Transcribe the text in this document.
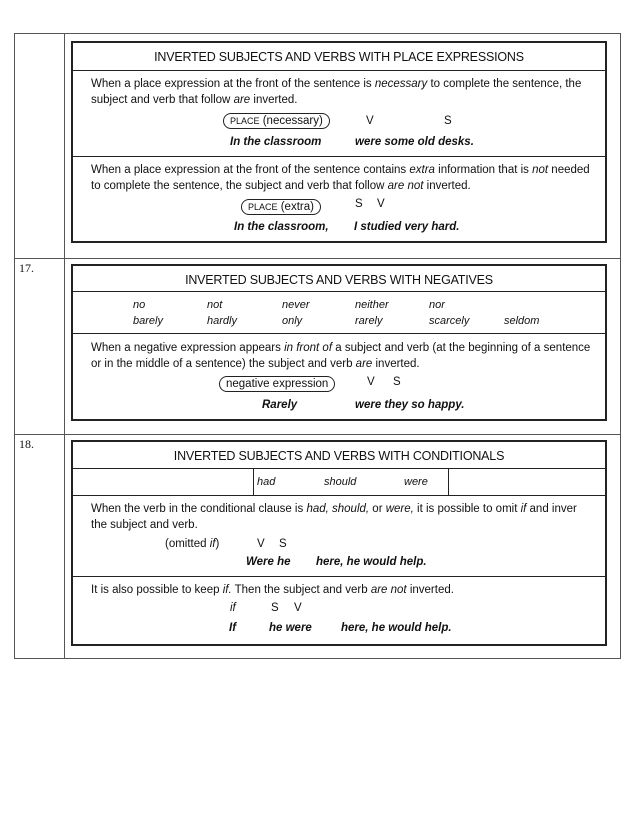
17.
18.
INVERTED SUBJECTS AND VERBS WITH PLACE EXPRESSIONS
When a place expression at the front of the sentence is necessary to complete the sentence, the subject and verb that follow are inverted.
PLACE (necessary)	V	S
In the classroom	were some old desks.
When a place expression at the front of the sentence contains extra information that is not needed to complete the sentence, the subject and verb that follow are not inverted.
PLACE (extra)	S V
In the classroom, I studied very hard.
INVERTED SUBJECTS AND VERBS WITH NEGATIVES
no	not	never	neither	nor
barely	hardly	only	rarely	scarcely	seldom
When a negative expression appears in front of a subject and verb (at the beginning of a sentence or in the middle of a sentence) the subject and verb are inverted.
negative expression	V S
Rarely	were they so happy.
INVERTED SUBJECTS AND VERBS WITH CONDITIONALS
had	should	were
When the verb in the conditional clause is had, should, or were, it is possible to omit if and inver the subject and verb.
(omitted if)	V S
Were he here, he would help.
It is also possible to keep if. Then the subject and verb are not inverted.
if	S V
If	he were	here, he would help.
